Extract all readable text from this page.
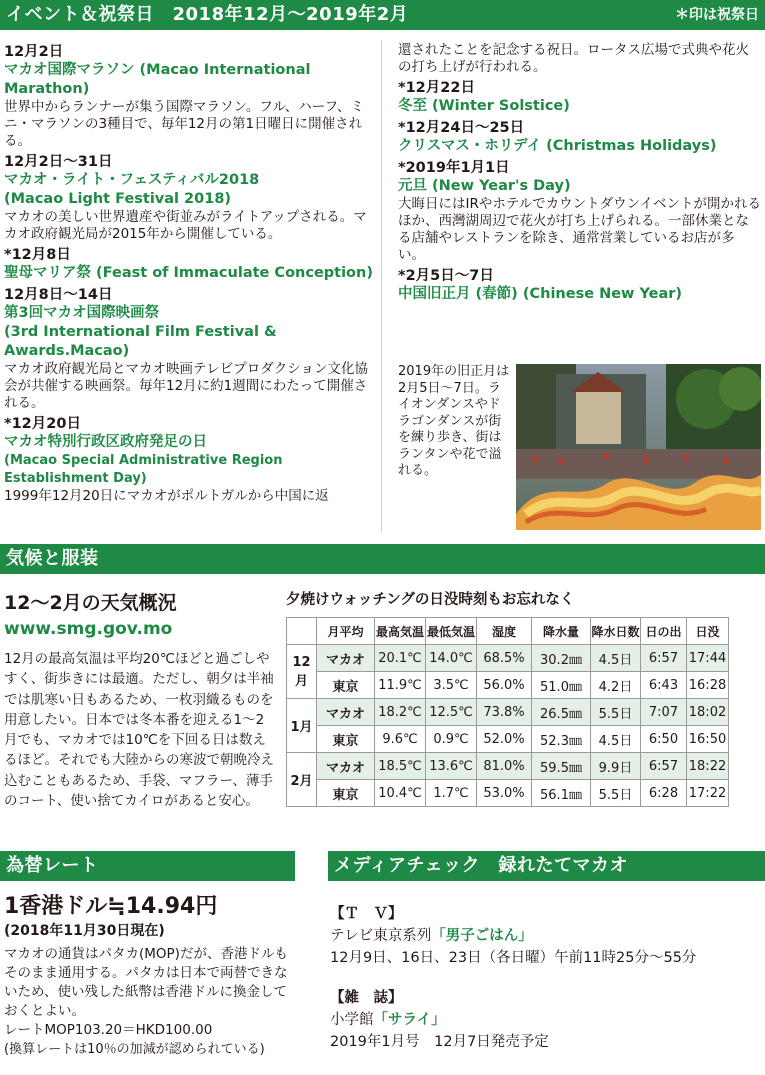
イベント＆祝祭日　2018年12月～2019年2月	＊印は祝祭日
12月2日
マカオ国際マラソン (Macao International Marathon)

世界中からランナーが集う国際マラソン。フル、ハーフ、ミニ・マラソンの3種目で、毎年12月の第1日曜日に開催される。

12月2日～31日
マカオ・ライト・フェスティバル2018
(Macao Light Festival 2018)

マカオの美しい世界遺産や街並みがライトアップされる。マカオ政府観光局が2015年から開催している。

*12月8日
聖母マリア祭 (Feast of Immaculate Conception)
12月8日～14日
第3回マカオ国際映画祭
(3rd International Film Festival & Awards.Macao)

マカオ政府観光局とマカオ映画テレビプロダクション文化協会が共催する映画祭。毎年12月に約1週間にわたって開催される。

*12月20日
マカオ特別行政区政府発足の日
(Macao Special Administrative Region Establishment Day)

1999年12月20日にマカオがポルトガルから中国に返

還されたことを記念する祝日。ロータス広場で式典や花火の打ち上げが行われる。

*12月22日
冬至 (Winter Solstice)
*12月24日～25日
クリスマス・ホリデイ (Christmas Holidays)
*2019年1月1日
元旦 (New Year's Day)

大晦日にはIRやホテルでカウントダウンイベントが開かれるほか、西灣湖周辺で花火が打ち上げられる。一部休業となる店舗やレストランを除き、通常営業しているお店が多い。

*2月5日～7日
中国旧正月 (春節) (Chinese New Year)

2019年の旧正月は2月5日～7日。ライオンダンスやドラゴンダンスが街を練り歩き、街はランタンや花で溢れる。

気候と服装
12～2月の天気概況
www.smg.gov.mo

12月の最高気温は平均20℃ほどと過ごしやすく、街歩きには最適。ただし、朝夕は半袖では肌寒い日もあるため、一枚羽織るものを用意したい。日本では冬本番を迎える1～2月でも、マカオでは10℃を下回る日は数えるほど。それでも大陸からの寒波で朝晩冷え込むこともあるため、手袋、マフラー、薄手のコート、使い捨てカイロがあると安心。

夕焼けウォッチングの日没時刻もお忘れなく
	月平均	最高気温	最低気温	湿度	降水量	降水日数	日の出	日没
12月	マカオ	20.1℃	14.0℃	68.5%	30.2㎜	4.5日	6:57	17:44
	東京	11.9℃	3.5℃	56.0%	51.0㎜	4.2日	6:43	16:28
1月	マカオ	18.2℃	12.5℃	73.8%	26.5㎜	5.5日	7:07	18:02
	東京	9.6℃	0.9℃	52.0%	52.3㎜	4.5日	6:50	16:50
2月	マカオ	18.5℃	13.6℃	81.0%	59.5㎜	9.9日	6:57	18:22
	東京	10.4℃	1.7℃	53.0%	56.1㎜	5.5日	6:28	17:22
為替レート
1香港ドル≒14.94円
(2018年11月30日現在)

マカオの通貨はパタカ(MOP)だが、香港ドルもそのまま通用する。パタカは日本で両替できないため、使い残した紙幣は香港ドルに換金しておくとよい。

レートMOP103.20＝HKD100.00
(換算レートは10％の加減が認められている)
メディアチェック　録れたてマカオ
【Ｔ　Ｖ】
テレビ東京系列「男子ごはん」
12月9日、16日、23日（各日曜）午前11時25分～55分
【雑　誌】
小学館「サライ」
2019年1月号　12月7日発売予定
